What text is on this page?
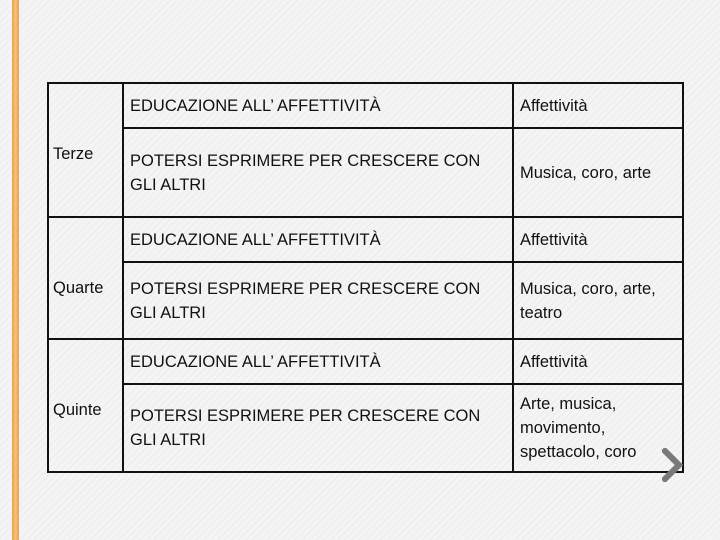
Terze	EDUCAZIONE ALL’ AFFETTIVITÀ	Affettività
	POTERSI ESPRIMERE PER CRESCERE CON GLI ALTRI	Musica, coro, arte
Quarte	EDUCAZIONE ALL’ AFFETTIVITÀ	Affettività
	POTERSI ESPRIMERE PER CRESCERE CON GLI ALTRI	Musica, coro, arte, teatro
Quinte	EDUCAZIONE ALL’ AFFETTIVITÀ	Affettività
	POTERSI ESPRIMERE PER CRESCERE CON GLI ALTRI	Arte, musica, movimento, spettacolo, coro
